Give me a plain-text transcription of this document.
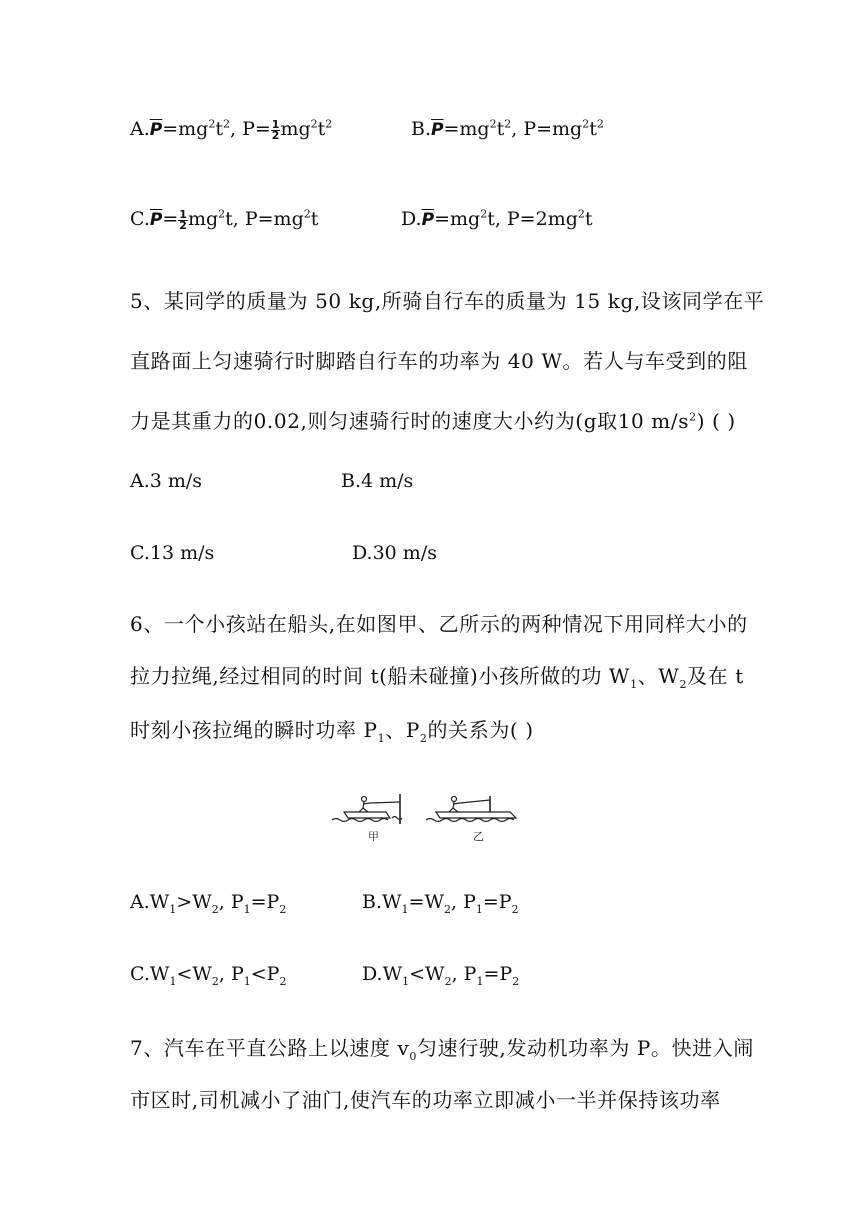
$A.\overline{P}=mg^2t^2$, $P= \frac{1}{2} mg^2t^2$	$B.\overline{P}=mg^2t^2$, $P=mg^2t^2$
$C.\overline{P}= \frac{1}{2} mg^2t$, $P=mg^2t$	$D.\overline{P}=mg^2t$, $P=2mg^2t$
5、某同学的质量为 50 kg,所骑自行车的质量为 15 kg,设该同学在平
直路面上匀速骑行时脚踏自行车的功率为 40 W。若人与车受到的阻
力是其重力的0.02,则匀速骑行时的速度大小约为(g取10 $m/s^2$) ( )
A.3 m/s	B.4 m/s
C.13 m/s	D.30 m/s
6、一个小孩站在船头,在如图甲、乙所示的两种情况下用同样大小的
拉力拉绳,经过相同的时间 t(船未碰撞)小孩所做的功 $W_1$、$W_2$及在 t
时刻小孩拉绳的瞬时功率 $P_1$、$P_2$的关系为( )
甲	乙
$A.W_1>W_2$, $P_1=P_2$	$B.W_1=W_2$, $P_1=P_2$
$C.W_1<W_2$, $P_1<P_2$	$D.W_1<W_2$, $P_1=P_2$
7、汽车在平直公路上以速度 $v_0$匀速行驶,发动机功率为 P。快进入闹
市区时,司机减小了油门,使汽车的功率立即减小一半并保持该功率
